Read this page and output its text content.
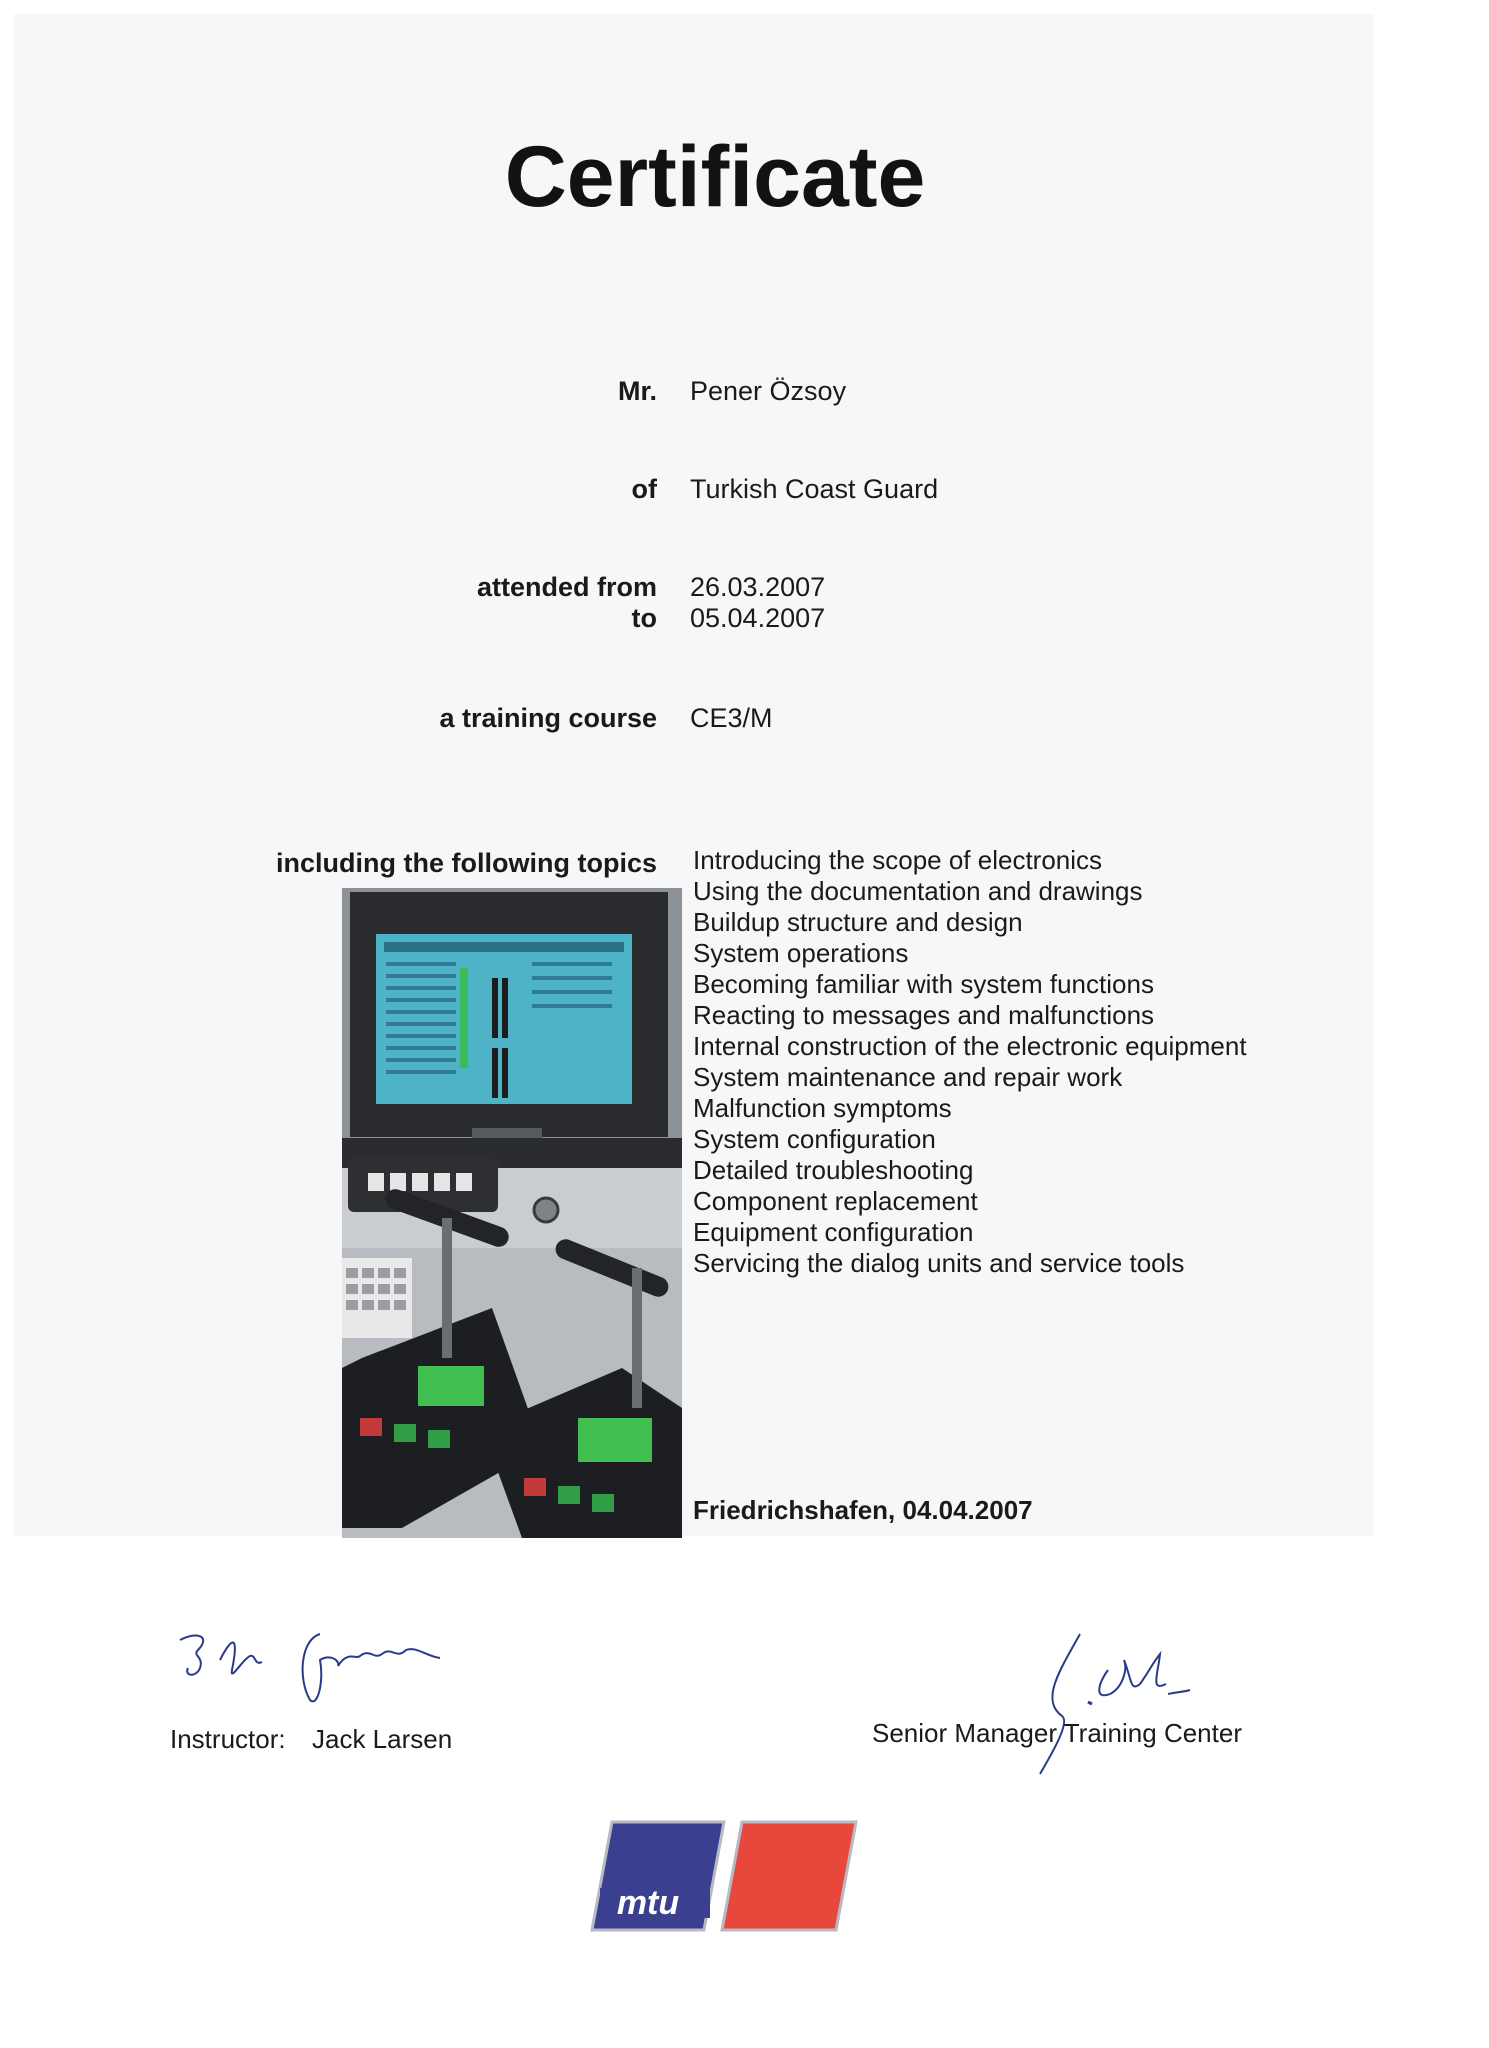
Certificate
Mr. Pener Özsoy
of Turkish Coast Guard
attended from 26.03.2007
to 05.04.2007
a training course CE3/M
including the following topics Introducing the scope of electronics
Using the documentation and drawings
Buildup structure and design
System operations
Becoming familiar with system functions
Reacting to messages and malfunctions
Internal construction of the electronic equipment
System maintenance and repair work
Malfunction symptoms
System configuration
Detailed troubleshooting
Component replacement
Equipment configuration
Servicing the dialog units and service tools
Friedrichshafen, 04.04.2007
Instructor: Jack Larsen	Senior Manager Training Center
mtu
